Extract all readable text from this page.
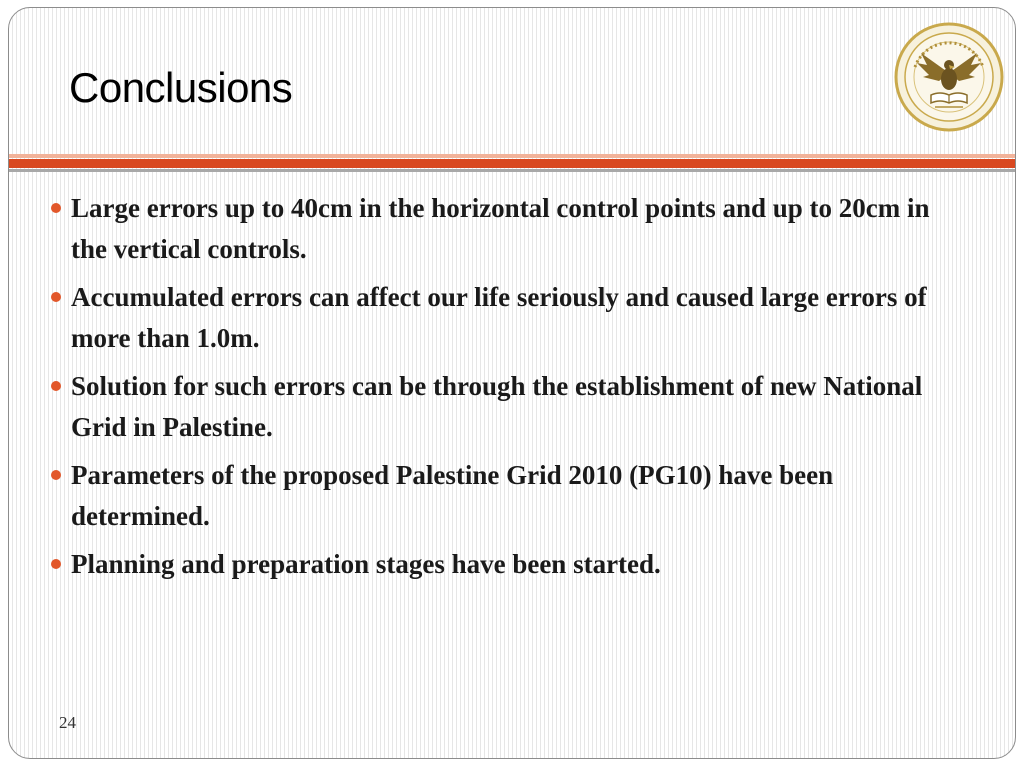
Conclusions
Large errors up to 40cm in the horizontal control points and up to 20cm in the vertical controls.
Accumulated errors can affect our life seriously and caused large errors of more than 1.0m.
Solution for such errors can be through the establishment of new National Grid in Palestine.
Parameters of the proposed Palestine Grid 2010 (PG10) have been determined.
Planning and preparation stages have been started.
24
